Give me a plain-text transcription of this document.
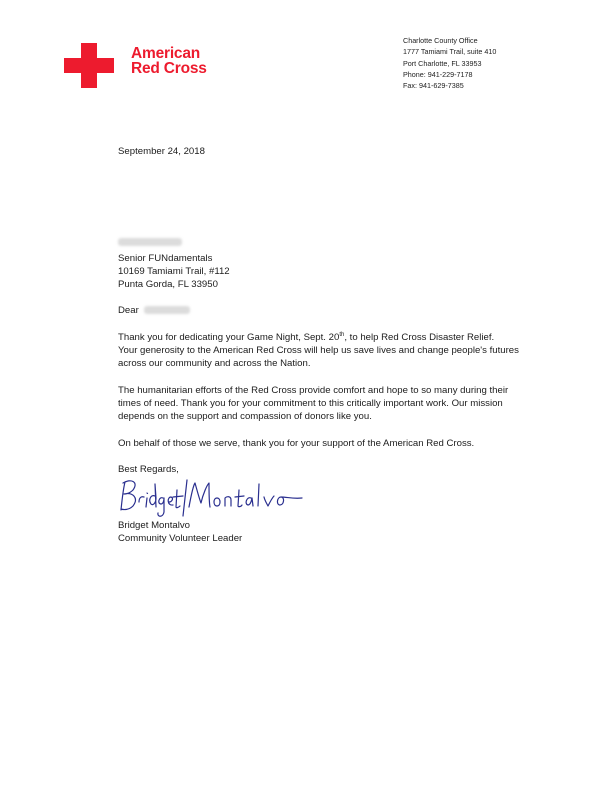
American
Red Cross
Charlotte County Office
1777 Tamiami Trail, suite 410
Port Charlotte, FL 33953
Phone: 941-229-7178
Fax: 941-629-7385
September 24, 2018
Senior FUNdamentals
10169 Tamiami Trail, #112
Punta Gorda, FL 33950
Dear
Thank you for dedicating your Game Night, Sept. 20th, to help Red Cross Disaster Relief.
Your generosity to the American Red Cross will help us save lives and change people's futures
across our community and across the Nation.
The humanitarian efforts of the Red Cross provide comfort and hope to so many during their
times of need. Thank you for your commitment to this critically important work. Our mission
depends on the support and compassion of donors like you.
On behalf of those we serve, thank you for your support of the American Red Cross.
Best Regards,
Bridget Montalvo
Community Volunteer Leader
